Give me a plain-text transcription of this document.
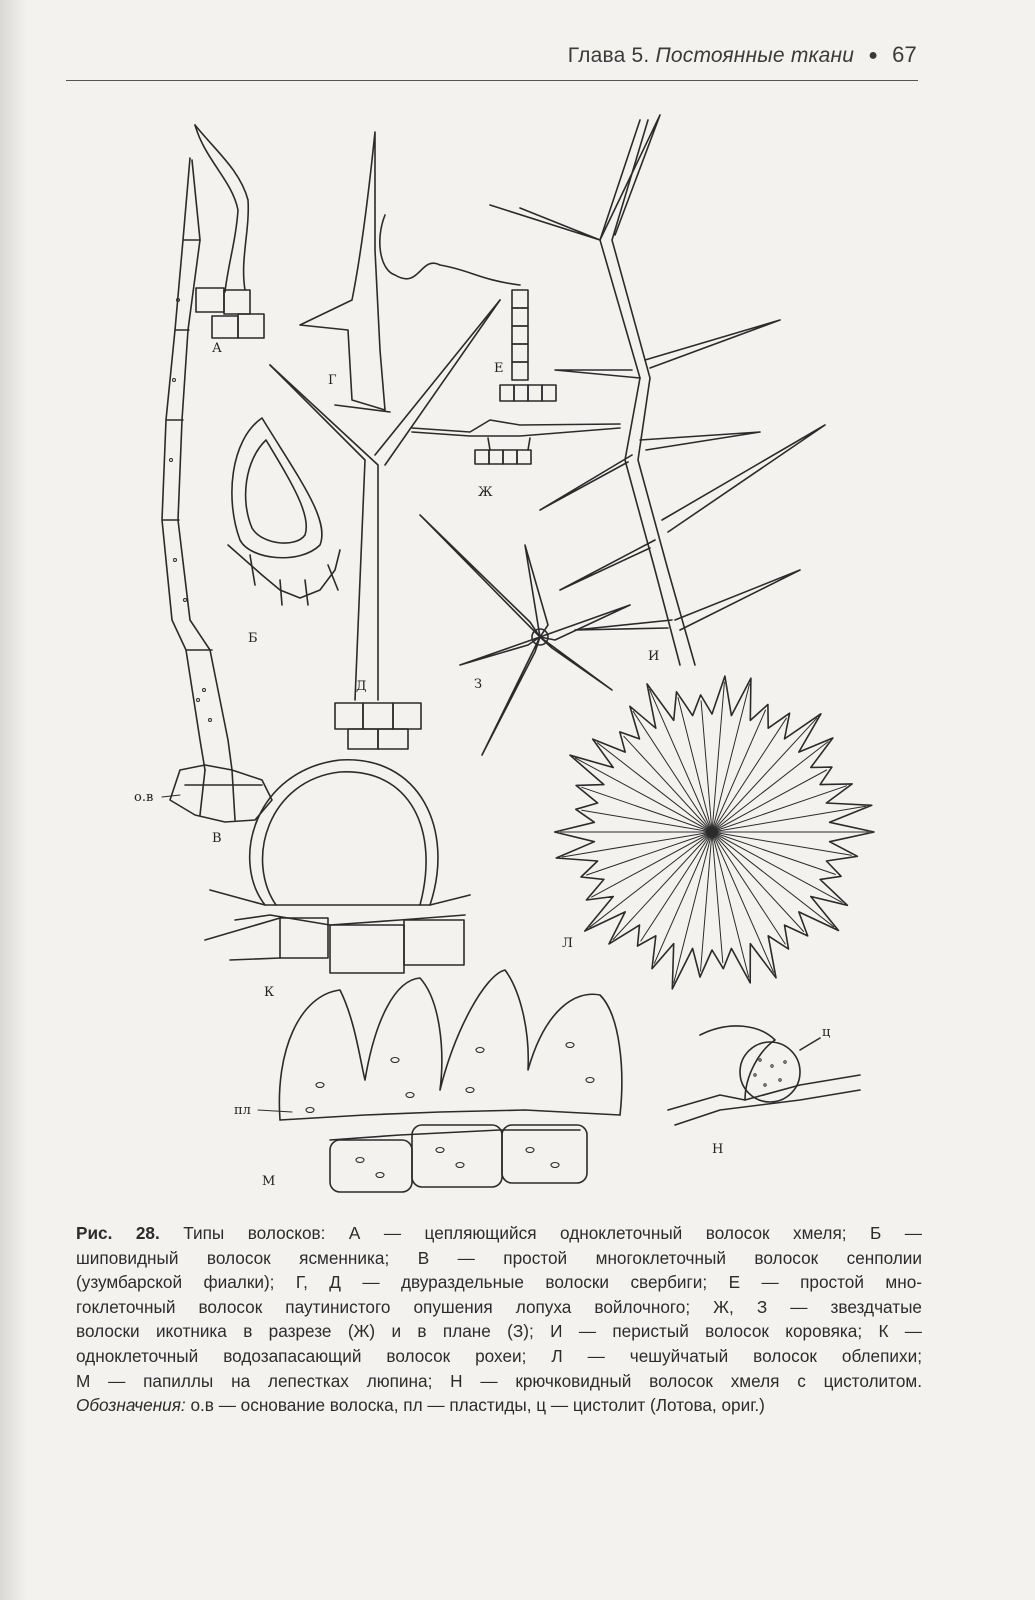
Глава 5. Постоянные ткани ● 67
А
Б
В
Г
Д
Е
Ж
З
И
К
Л
М
Н
о.в
пл
ц
Рис. 28. Типы волосков: А — цепляющийся одноклеточный волосок хмеля; Б —
шиповидный волосок ясменника; В — простой многоклеточный волосок сенполии
(узумбарской фиалки); Г, Д — двураздельные волоски свербиги; Е — простой мно-
гоклеточный волосок паутинистого опушения лопуха войлочного; Ж, З — звездчатые
волоски икотника в разрезе (Ж) и в плане (З); И — перистый волосок коровяка; К —
одноклеточный водозапасающий волосок рохеи; Л — чешуйчатый волосок облепихи;
М — папиллы на лепестках люпина; Н — крючковидный волосок хмеля с цистолитом.
Обозначения: о.в — основание волоска, пл — пластиды, ц — цистолит (Лотова, ориг.)
